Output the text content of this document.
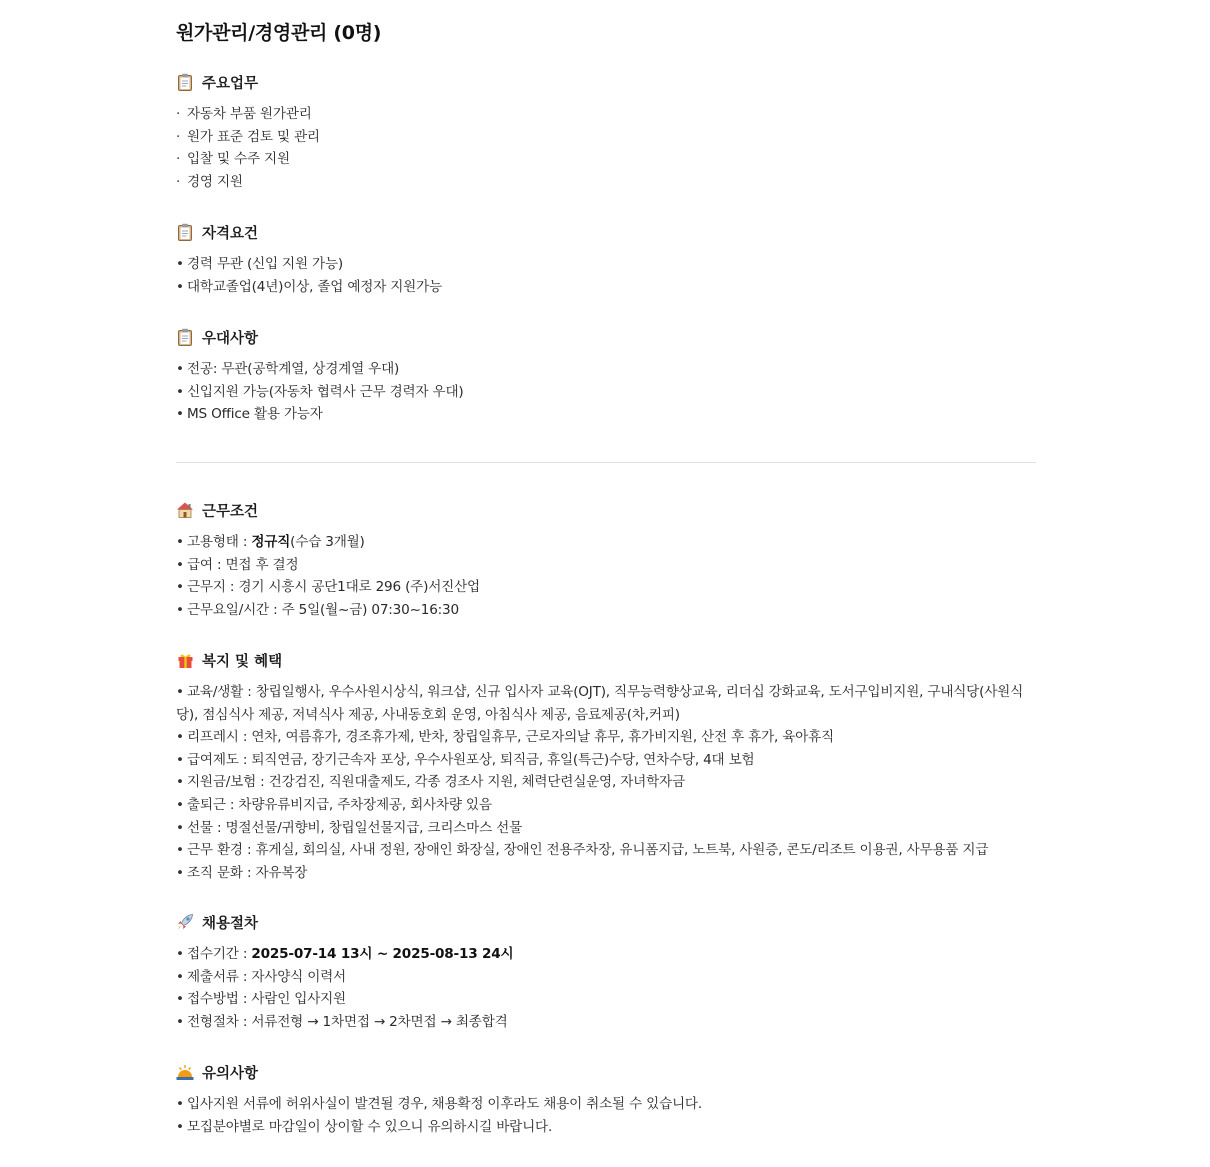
원가관리/경영관리 (0명)
주요업무
· 자동차 부품 원가관리
· 원가 표준 검토 및 관리
· 입찰 및 수주 지원
· 경영 지원
자격요건
• 경력 무관 (신입 지원 가능)
• 대학교졸업(4년)이상, 졸업 예정자 지원가능
우대사항
• 전공: 무관(공학계열, 상경계열 우대)
• 신입지원 가능(자동차 협력사 근무 경력자 우대)
• MS Office 활용 가능자
근무조건
• 고용형태 : 정규직(수습 3개월)
• 급여 : 면접 후 결정
• 근무지 : 경기 시흥시 공단1대로 296 (주)서진산업
• 근무요일/시간 : 주 5일(월~금) 07:30~16:30
복지 및 혜택
• 교육/생활 : 창립일행사, 우수사원시상식, 워크샵, 신규 입사자 교육(OJT), 직무능력향상교육, 리더십 강화교육, 도서구입비지원, 구내식당(사원식당), 점심식사 제공, 저녁식사 제공, 사내동호회 운영, 아침식사 제공, 음료제공(차,커피)
• 리프레시 : 연차, 여름휴가, 경조휴가제, 반차, 창립일휴무, 근로자의날 휴무, 휴가비지원, 산전 후 휴가, 육아휴직
• 급여제도 : 퇴직연금, 장기근속자 포상, 우수사원포상, 퇴직금, 휴일(특근)수당, 연차수당, 4대 보험
• 지원금/보험 : 건강검진, 직원대출제도, 각종 경조사 지원, 체력단련실운영, 자녀학자금
• 출퇴근 : 차량유류비지급, 주차장제공, 회사차량 있음
• 선물 : 명절선물/귀향비, 창립일선물지급, 크리스마스 선물
• 근무 환경 : 휴게실, 회의실, 사내 정원, 장애인 화장실, 장애인 전용주차장, 유니폼지급, 노트북, 사원증, 콘도/리조트 이용권, 사무용품 지급
• 조직 문화 : 자유복장
채용절차
• 접수기간 : 2025-07-14 13시 ~ 2025-08-13 24시
• 제출서류 : 자사양식 이력서
• 접수방법 : 사람인 입사지원
• 전형절차 : 서류전형 → 1차면접 → 2차면접 → 최종합격
유의사항
• 입사지원 서류에 허위사실이 발견될 경우, 채용확정 이후라도 채용이 취소될 수 있습니다.
• 모집분야별로 마감일이 상이할 수 있으니 유의하시길 바랍니다.
